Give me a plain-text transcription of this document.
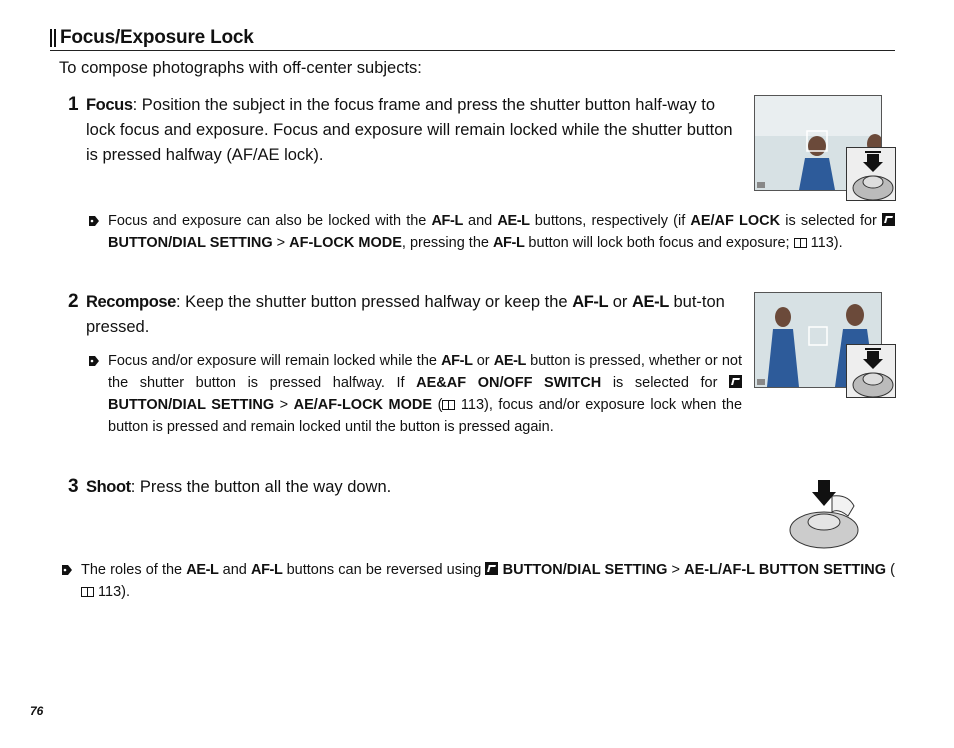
Focus/Exposure Lock
To compose photographs with off-center subjects:
1 Focus: Position the subject in the focus frame and press the shutter button half-way to lock focus and exposure. Focus and exposure will remain locked while the shutter button is pressed halfway (AF/AE lock).
Focus and exposure can also be locked with the AF-L and AE-L buttons, respectively (if AE/AF LOCK is selected for  BUTTON/DIAL SETTING > AF-LOCK MODE, pressing the AF-L button will lock both focus and exposure;  113).
2 Recompose: Keep the shutter button pressed halfway or keep the AF-L or AE-L but-ton pressed.
Focus and/or exposure will remain locked while the AF-L or AE-L button is pressed, whether or not the shutter button is pressed halfway. If AE&AF ON/OFF SWITCH is selected for  BUTTON/DIAL SETTING > AE/AF-LOCK MODE ( 113), focus and/or exposure lock when the button is pressed and remain locked until the button is pressed again.
3 Shoot: Press the button all the way down.
The roles of the AE-L and AF-L buttons can be reversed using  BUTTON/DIAL SETTING > AE-L/AF-L BUTTON SETTING ( 113).
76
